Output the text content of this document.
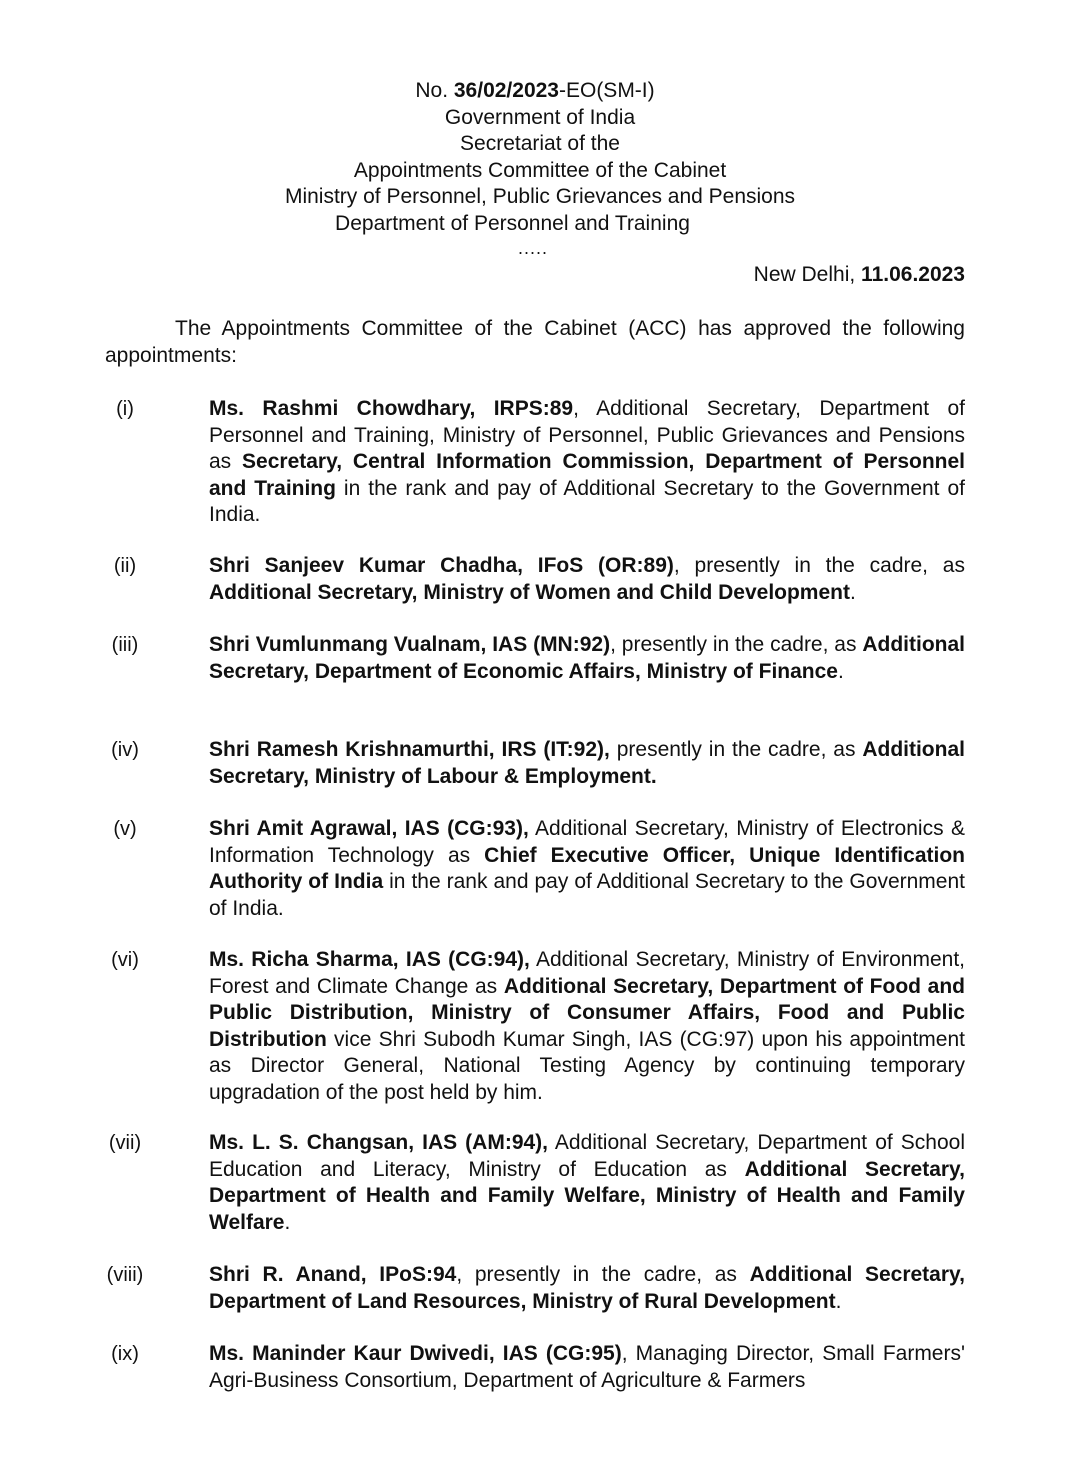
No. 36/02/2023-EO(SM-I)
Government of India
Secretariat of the
Appointments Committee of the Cabinet
Ministry of Personnel, Public Grievances and Pensions
Department of Personnel and Training
.....
New Delhi, 11.06.2023
The Appointments Committee of the Cabinet (ACC) has approved the following appointments:
(i)	Ms. Rashmi Chowdhary, IRPS:89, Additional Secretary, Department of Personnel and Training, Ministry of Personnel, Public Grievances and Pensions as Secretary, Central Information Commission, Department of Personnel and Training in the rank and pay of Additional Secretary to the Government of India.
(ii)	Shri Sanjeev Kumar Chadha, IFoS (OR:89), presently in the cadre, as Additional Secretary, Ministry of Women and Child Development.
(iii)	Shri Vumlunmang Vualnam, IAS (MN:92), presently in the cadre, as Additional Secretary, Department of Economic Affairs, Ministry of Finance.
(iv)	Shri Ramesh Krishnamurthi, IRS (IT:92), presently in the cadre, as Additional Secretary, Ministry of Labour & Employment.
(v)	Shri Amit Agrawal, IAS (CG:93), Additional Secretary, Ministry of Electronics & Information Technology as Chief Executive Officer, Unique Identification Authority of India in the rank and pay of Additional Secretary to the Government of India.
(vi)	Ms. Richa Sharma, IAS (CG:94), Additional Secretary, Ministry of Environment, Forest and Climate Change as Additional Secretary, Department of Food and Public Distribution, Ministry of Consumer Affairs, Food and Public Distribution vice Shri Subodh Kumar Singh, IAS (CG:97) upon his appointment as Director General, National Testing Agency by continuing temporary upgradation of the post held by him.
(vii)	Ms. L. S. Changsan, IAS (AM:94), Additional Secretary, Department of School Education and Literacy, Ministry of Education as Additional Secretary, Department of Health and Family Welfare, Ministry of Health and Family Welfare.
(viii)	Shri R. Anand, IPoS:94, presently in the cadre, as Additional Secretary, Department of Land Resources, Ministry of Rural Development.
(ix)	Ms. Maninder Kaur Dwivedi, IAS (CG:95), Managing Director, Small Farmers' Agri-Business Consortium, Department of Agriculture & Farmers
